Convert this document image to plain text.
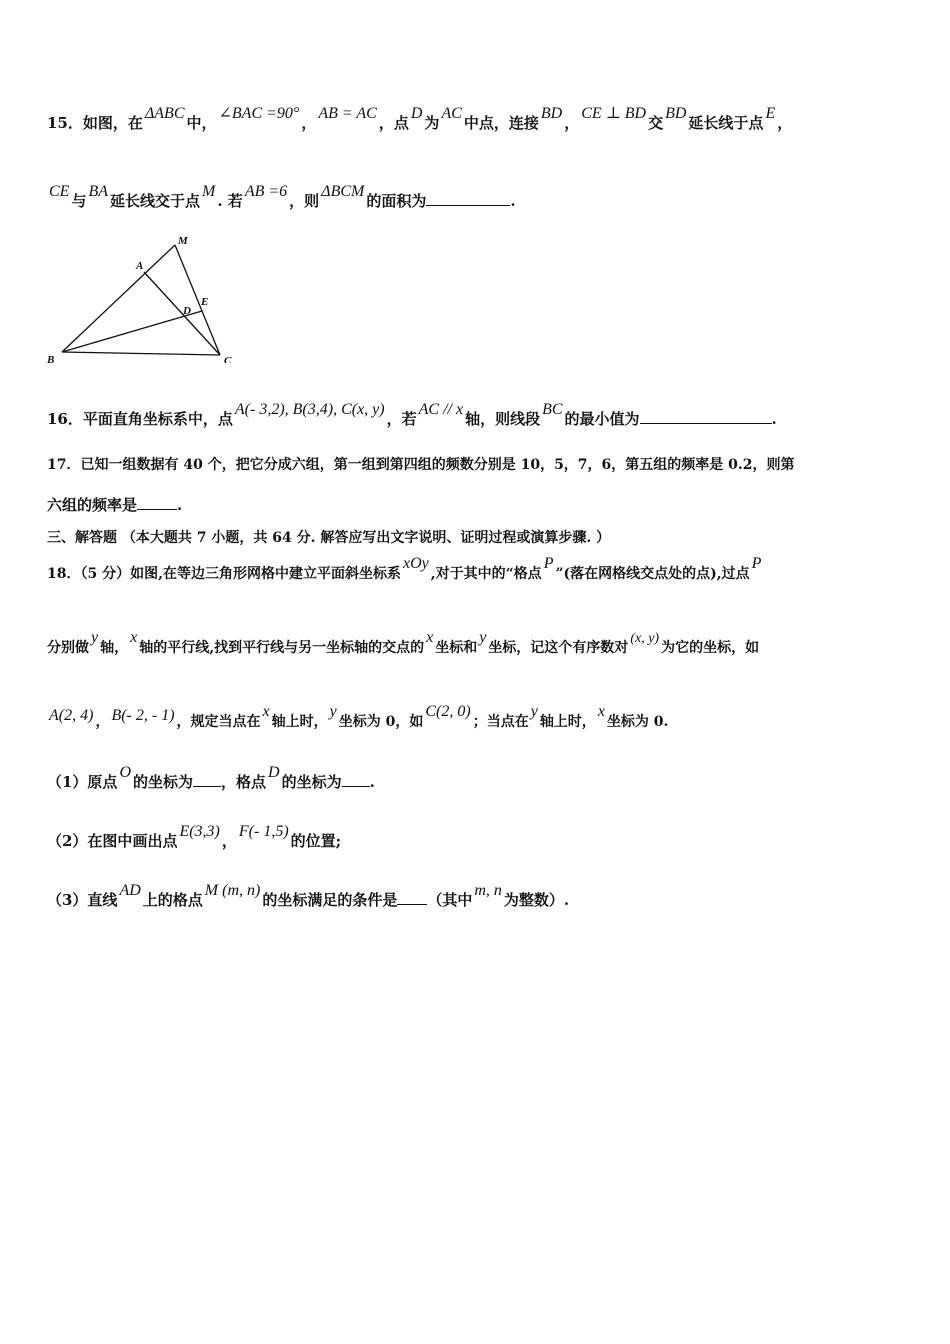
15．如图，在ΔABC中，∠BAC =90°，AB = AC，点D为AC中点，连接BD，CE ⊥ BD交BD延长线于点E，
CE与BA延长线交于点M. 若AB =6，则ΔBCM的面积为	.
M
A
E
D
B	C
16．平面直角坐标系中，点A(- 3,2), B(3,4), C(x, y)，若AC // x轴，则线段BC的最小值为	.
17．已知一组数据有 40 个，把它分成六组，第一组到第四组的频数分别是 10，5，7，6，第五组的频率是 0.2，则第
六组的频率是	.
三、解答题 （本大题共 7 小题，共 64 分. 解答应写出文字说明、证明过程或演算步骤. ）
18．（5 分）如图,在等边三角形网格中建立平面斜坐标系xOy,对于其中的“格点P”(落在网格线交点处的点),过点P
分别做y轴，x轴的平行线,找到平行线与另一坐标轴的交点的x坐标和y坐标，记这个有序数对(x, y)为它的坐标，如
A(2, 4) ， B(- 2, - 1) ，规定当点在x轴上时，y坐标为 0，如C(2, 0)；当点在y轴上时，x坐标为 0.
（1）原点O的坐标为 ，格点D的坐标为 .
（2）在图中画出点E(3,3)，F(- 1,5)的位置;
（3）直线AD上的格点M (m, n)的坐标满足的条件是 （其中m, n为整数）.
